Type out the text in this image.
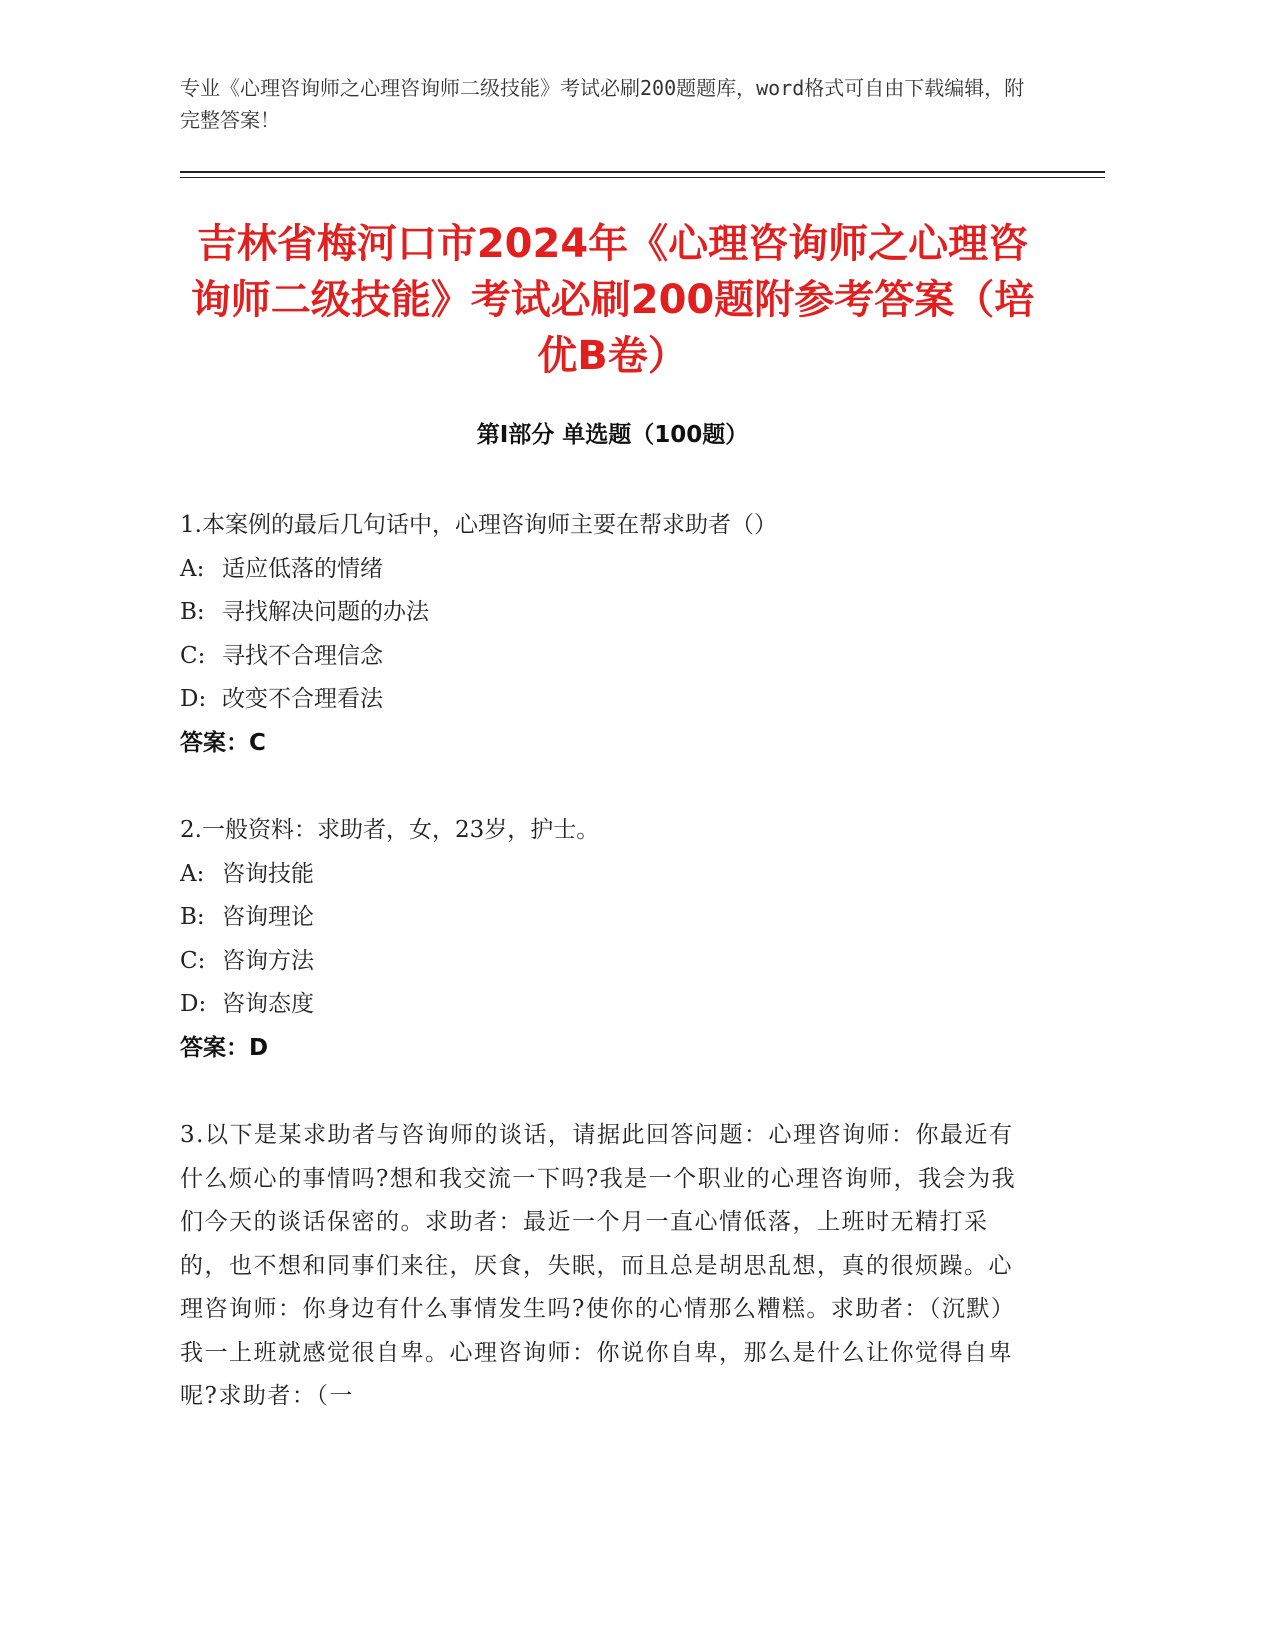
专业《心理咨询师之心理咨询师二级技能》考试必刷200题题库，word格式可自由下载编辑，附完整答案！
吉林省梅河口市2024年《心理咨询师之心理咨询师二级技能》考试必刷200题附参考答案（培优B卷）
第Ⅰ部分 单选题（100题）
1.本案例的最后几句话中，心理咨询师主要在帮求助者（）
A: 适应低落的情绪
B: 寻找解决问题的办法
C: 寻找不合理信念
D: 改变不合理看法
答案：C
2.一般资料：求助者，女，23岁，护士。
A: 咨询技能
B: 咨询理论
C: 咨询方法
D: 咨询态度
答案：D
3.以下是某求助者与咨询师的谈话，请据此回答问题：心理咨询师：你最近有什么烦心的事情吗?想和我交流一下吗?我是一个职业的心理咨询师，我会为我们今天的谈话保密的。求助者：最近一个月一直心情低落，上班时无精打采的，也不想和同事们来往，厌食，失眠，而且总是胡思乱想，真的很烦躁。心理咨询师：你身边有什么事情发生吗?使你的心情那么糟糕。求助者：（沉默）我一上班就感觉很自卑。心理咨询师：你说你自卑，那么是什么让你觉得自卑呢?求助者：（一
